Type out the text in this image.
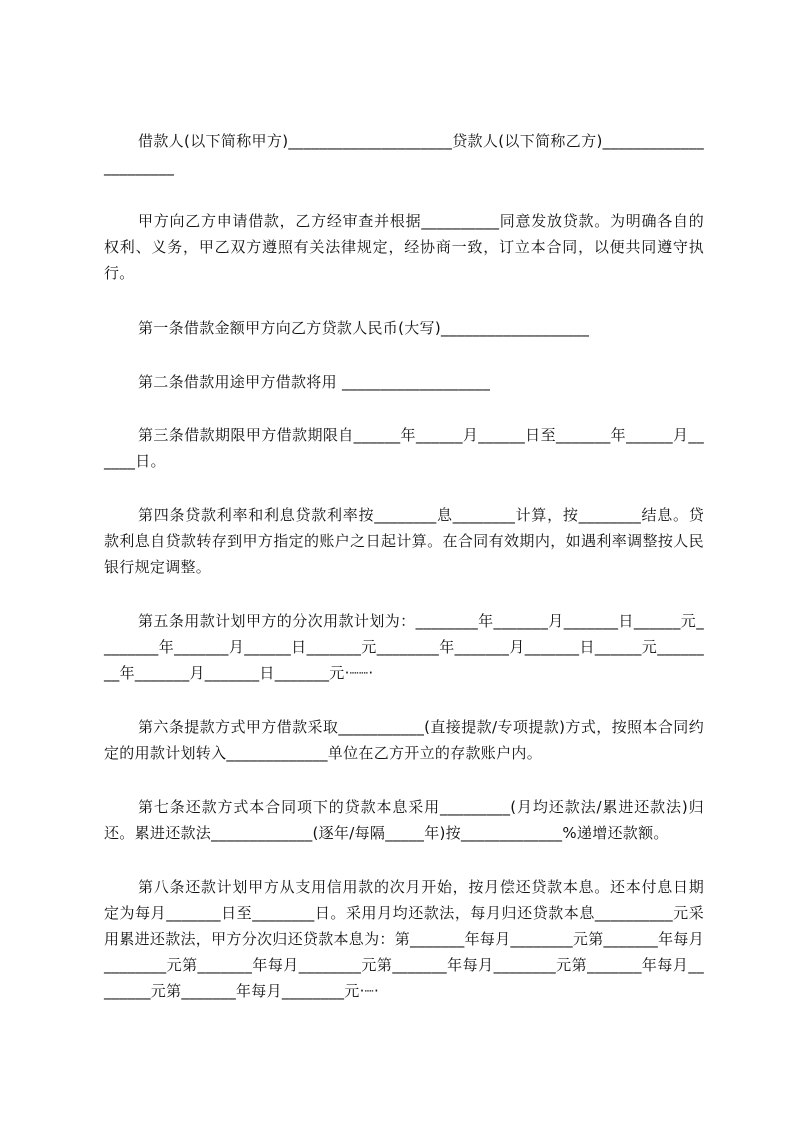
借款人(以下简称甲方)_____________________贷款人(以下简称乙方)______________________
甲方向乙方申请借款，乙方经审查并根据__________同意发放贷款。为明确各自的权利、义务，甲乙双方遵照有关法律规定，经协商一致，订立本合同，以便共同遵守执行。
第一条借款金额甲方向乙方贷款人民币(大写)___________________
第二条借款用途甲方借款将用 ___________________
第三条借款期限甲方借款期限自______年______月______日至_______年______月______日。
第四条贷款利率和利息贷款利率按________息________计算，按________结息。贷款利息自贷款转存到甲方指定的账户之日起计算。在合同有效期内，如遇利率调整按人民银行规定调整。
第五条用款计划甲方的分次用款计划为：________年_______月_______日______元________年_______月______日_______元________年_______月_______日______元________年_______月_______日_______元·┈┈·
第六条提款方式甲方借款采取___________(直接提款/专项提款)方式，按照本合同约定的用款计划转入_____________单位在乙方开立的存款账户内。
第七条还款方式本合同项下的贷款本息采用_________(月均还款法/累进还款法)归还。累进还款法_____________(逐年/每隔_____年)按_____________%递增还款额。
第八条还款计划甲方从支用信用款的次月开始，按月偿还贷款本息。还本付息日期定为每月_______日至________日。采用月均还款法，每月归还贷款本息__________元采用累进还款法，甲方分次归还贷款本息为：第_______年每月________元第_______年每月________元第_______年每月________元第_______年每月________元第_______年每月________元第_______年每月________元·┈·
